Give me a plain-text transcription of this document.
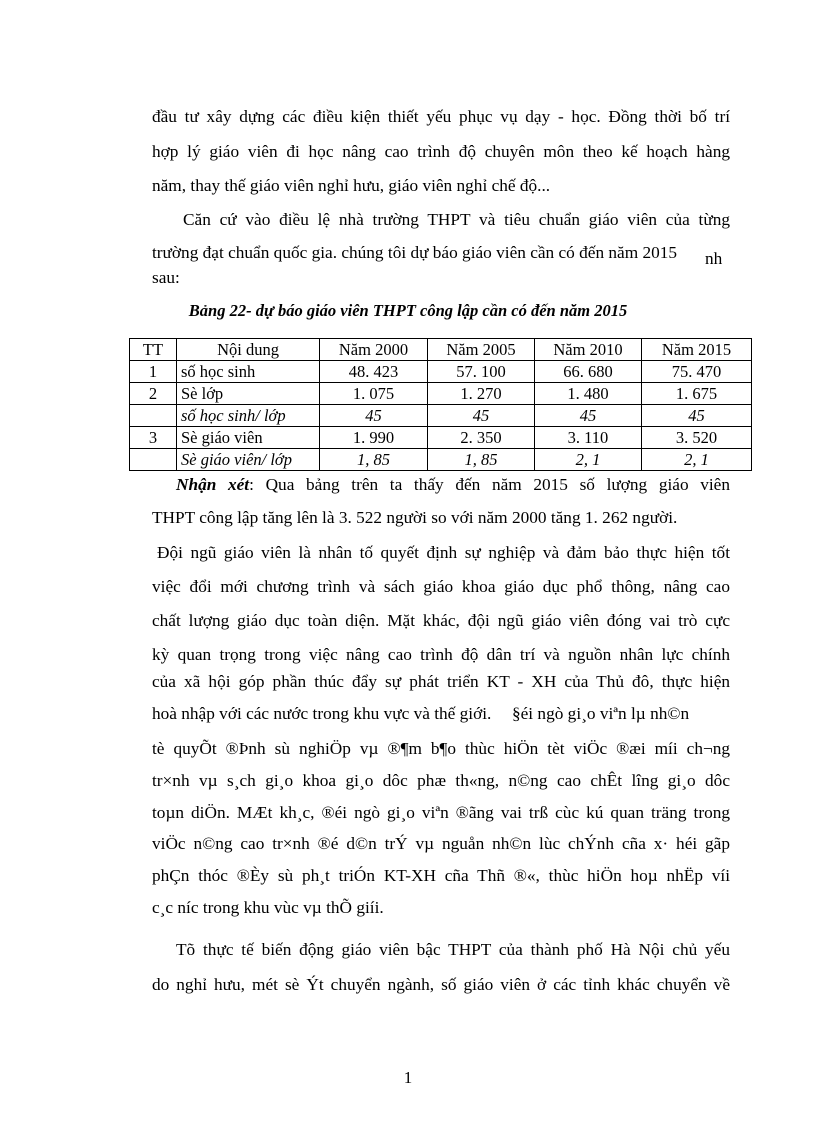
đầu tư xây dựng các điều kiện thiết yếu phục vụ dạy - học. Đồng thời bố trí
hợp lý giáo viên đi học nâng cao trình độ chuyên môn theo kế hoạch hàng
năm, thay thế giáo viên nghỉ hưu, giáo viên nghỉ chế độ...
Căn cứ vào điều lệ nhà trường THPT và tiêu chuẩn giáo viên của từng
trường đạt chuẩn quốc gia. chúng tôi dự báo giáo viên cần có đến năm 2015 nh
sau:
Bảng 22- dự báo giáo viên THPT công lập cần có đến năm 2015
TT	Nội dung	Năm 2000	Năm 2005	Năm 2010	Năm 2015
1	số học sinh	48. 423	57. 100	66. 680	75. 470
2	Sè lớp	1. 075	1. 270	1. 480	1. 675
	số học sinh/ lớp	45	45	45	45
3	Sè giáo viên	1. 990	2. 350	3. 110	3. 520
	Sè giáo viên/ lớp	1, 85	1, 85	2, 1	2, 1
Nhận xét: Qua bảng trên ta thấy đến năm 2015 số lượng giáo viên
THPT công lập tăng lên là 3. 522 người so với năm 2000 tăng 1. 262 người.
Đội ngũ giáo viên là nhân tố quyết định sự nghiệp và đảm bảo thực hiện tốt
việc đổi mới chương trình và sách giáo khoa giáo dục phổ thông, nâng cao
chất lượng giáo dục toàn diện. Mặt khác, đội ngũ giáo viên đóng vai trò cực
kỳ quan trọng trong việc nâng cao trình độ dân trí và nguồn nhân lực chính
của xã hội góp phần thúc đẩy sự phát triển KT - XH của Thủ đô, thực hiện
hoà nhập với các nước trong khu vực và thế giới. §éi ngò gi¸o viªn lµ nh©n
tè quyÕt ®Þnh sù nghiÖp vµ ®¶m b¶o thùc hiÖn tèt viÖc ®æi míi ch¬ng
tr×nh vµ s¸ch gi¸o khoa gi¸o dôc phæ th«ng, n©ng cao chÊt lîng gi¸o dôc
toµn diÖn. MÆt kh¸c, ®éi ngò gi¸o viªn ®ãng vai trß cùc kú quan träng trong
viÖc n©ng cao tr×nh ®é d©n trÝ vµ nguån nh©n lùc chÝnh cña x· héi gãp
phÇn thóc ®Èy sù ph¸t triÓn KT-XH cña Thñ ®«, thùc hiÖn hoµ nhËp víi
c¸c níc trong khu vùc vµ thÕ giíi.
Tõ thực tế biến động giáo viên bậc THPT của thành phố Hà Nội chủ yếu
do nghỉ hưu, mét sè Ýt chuyển ngành, số giáo viên ở các tỉnh khác chuyển về
1
